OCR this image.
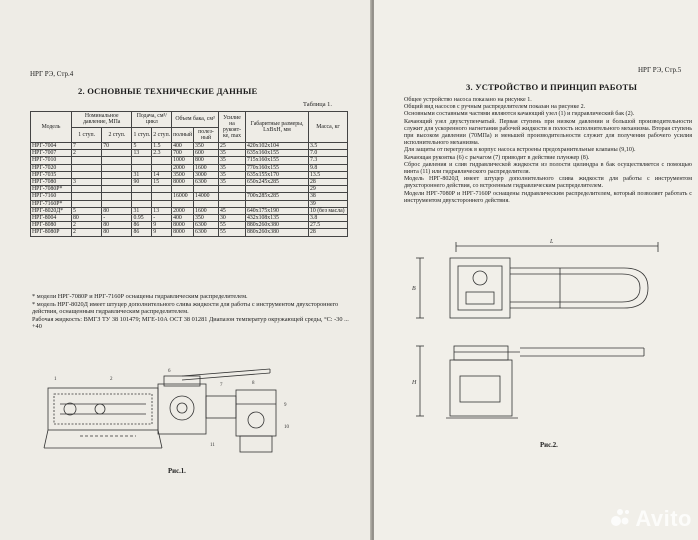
НРГ РЭ, Стр.4
2. ОСНОВНЫЕ ТЕХНИЧЕСКИЕ ДАННЫЕ
Таблица 1.
Модель	Номинальное давление, МПа		Подача, см³/цикл		Объем бака, см³		Усилие на рукоят-ке, max	Габаритные размеры, LxBxH, мм	Масса, кг
	1 ступ.	2 ступ.	1 ступ.	2 ступ.	полный	полез-ный			
НРГ-7004	7	70	5	1.5	400	350	25	420x102x104	3.5
НРГ-7007	2		13	2.3	700	600	35	635x160x155	7.0
НРГ-7010					1000	800	35	715x160x155	7.3
НРГ-7020					2000	1600	35	770x160x155	9.8
НРГ-7035			31	14	3500	3000	35	635x155x170	13.5
НРГ-7080	3		90	15	8000	6300	35	650x245x285	28
НРГ-7080Р*									29
НРГ-7160					16000	14000		700x285x285	38
НРГ-7160Р*									39
НРГ-8020Д*	5	80	31	13	2000	1600	45	640x175x190	10 (без масла)
НРГ-8004	80	-	0.95	-	400	350	30	432x108x135	3.8
НРГ-8080	2	80	86	9	8000	6300	55	880x260x380	27.5
НРГ-8080Р	2	80	86	9	8000	6300	55	880x260x380	28
* модели НРГ-7080Р и НРГ-7160Р оснащены гидравлическим распределителем.
* модель НРГ-8020Д имеет штуцер дополнительного слива жидкости для работы с инструментом двухстороннего действия, оснащенным гидравлическим распределителем.
Рабочая жидкость: ВМГЗ ТУ 38 101479; МГЕ-10А ОСТ 38 01281 Диапазон температур окружающей среды, °С: -30 ... +40
1	2
6
7	8
9
10
11
Рис.1.
НРГ РЭ, Стр.5
3. УСТРОЙСТВО И ПРИНЦИП РАБОТЫ
Общее устройство насоса показано на рисунке 1.
Общий вид насосов с ручным распределителем показан на рисунке 2.
Основными составными частями являются качающий узел (1) и гидравлический бак (2).
Качающий узел двухступенчатый. Первая ступень при низком давлении и большой производительности служит для ускоренного нагнетания рабочей жидкости в полость исполнительного механизма. Вторая ступень при высоком давлении (70МПа) и меньшей производительности служит для получения рабочего усилия исполнительного механизма.
Для защиты от перегрузок в корпус насоса встроены предохранительные клапаны (9,10).
Качающая рукоятка (6) с рычагом (7) приводит в действие плунжер (8).
Сброс давления и слив гидравлической жидкости из полости цилиндра в бак осуществляется с помощью винта (11) или гидравлического распределителя.
Модель НРГ-8020Д имеет штуцер дополнительного слива жидкости для работы с инструментом двухстороннего действия, со встроенным гидравлическим распределителем.
Модели НРГ-7080Р и НРГ-7160Р оснащены гидравлическим распределителем, который позволяет работать с инструментом двухстороннего действия.
L
B
H
Рис.2.
Avito
